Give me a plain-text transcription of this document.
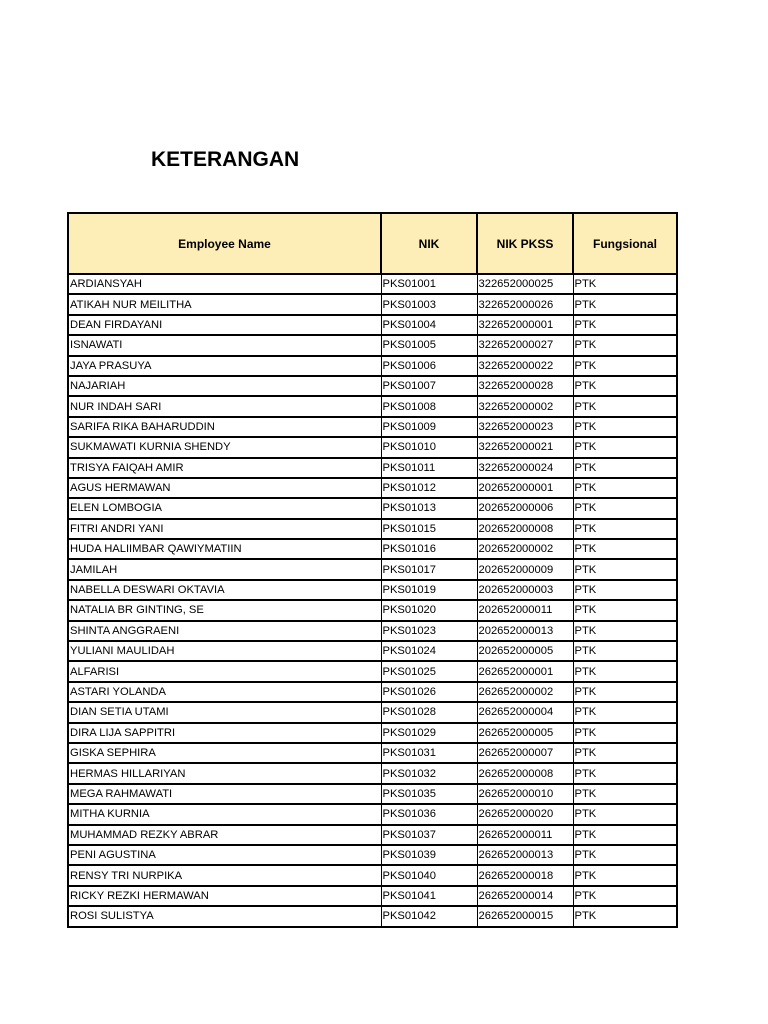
KETERANGAN
Employee Name	NIK	NIK PKSS	Fungsional
ARDIANSYAH	PKS01001	322652000025	PTK
ATIKAH NUR MEILITHA	PKS01003	322652000026	PTK
DEAN FIRDAYANI	PKS01004	322652000001	PTK
ISNAWATI	PKS01005	322652000027	PTK
JAYA PRASUYA	PKS01006	322652000022	PTK
NAJARIAH	PKS01007	322652000028	PTK
NUR INDAH SARI	PKS01008	322652000002	PTK
SARIFA RIKA BAHARUDDIN	PKS01009	322652000023	PTK
SUKMAWATI KURNIA SHENDY	PKS01010	322652000021	PTK
TRISYA FAIQAH AMIR	PKS01011	322652000024	PTK
AGUS HERMAWAN	PKS01012	202652000001	PTK
ELEN LOMBOGIA	PKS01013	202652000006	PTK
FITRI ANDRI YANI	PKS01015	202652000008	PTK
HUDA HALIIMBAR QAWIYMATIIN	PKS01016	202652000002	PTK
JAMILAH	PKS01017	202652000009	PTK
NABELLA DESWARI OKTAVIA	PKS01019	202652000003	PTK
NATALIA BR GINTING, SE	PKS01020	202652000011	PTK
SHINTA ANGGRAENI	PKS01023	202652000013	PTK
YULIANI MAULIDAH	PKS01024	202652000005	PTK
ALFARISI	PKS01025	262652000001	PTK
ASTARI YOLANDA	PKS01026	262652000002	PTK
DIAN SETIA UTAMI	PKS01028	262652000004	PTK
DIRA LIJA SAPPITRI	PKS01029	262652000005	PTK
GISKA SEPHIRA	PKS01031	262652000007	PTK
HERMAS HILLARIYAN	PKS01032	262652000008	PTK
MEGA RAHMAWATI	PKS01035	262652000010	PTK
MITHA KURNIA	PKS01036	262652000020	PTK
MUHAMMAD REZKY ABRAR	PKS01037	262652000011	PTK
PENI AGUSTINA	PKS01039	262652000013	PTK
RENSY TRI NURPIKA	PKS01040	262652000018	PTK
RICKY REZKI HERMAWAN	PKS01041	262652000014	PTK
ROSI SULISTYA	PKS01042	262652000015	PTK
